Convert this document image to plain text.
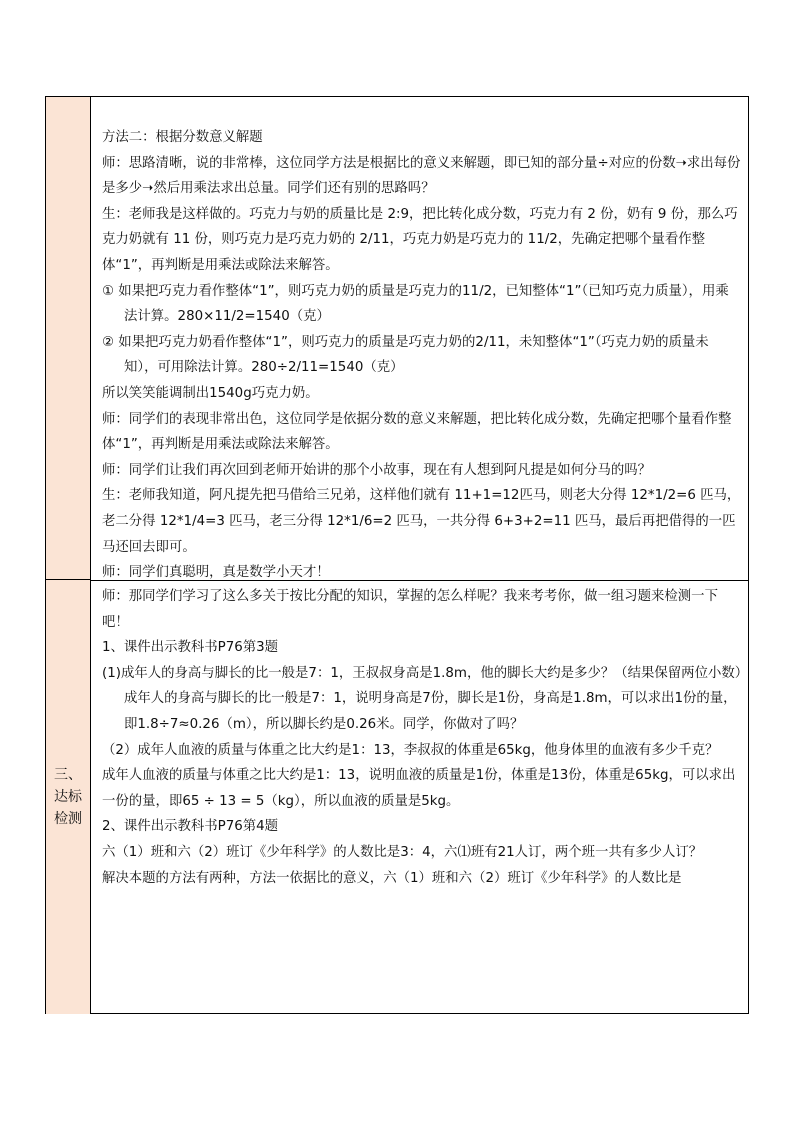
三、达标检测

方法二：根据分数意义解题

师：思路清晰，说的非常棒，这位同学方法是根据比的意义来解题，即已知的部分量÷对应的份数➝求出每份是多少➝然后用乘法求出总量。同学们还有别的思路吗？

生：老师我是这样做的。巧克力与奶的质量比是 2:9，把比转化成分数，巧克力有 2 份，奶有 9 份，那么巧克力奶就有 11 份，则巧克力是巧克力奶的 2/11，巧克力奶是巧克力的 11/2，先确定把哪个量看作整体“1”，再判断是用乘法或除法来解答。

① 如果把巧克力看作整体“1”，则巧克力奶的质量是巧克力的11/2，已知整体“1”（已知巧克力质量），用乘法计算。280×11/2=1540（克）

② 如果把巧克力奶看作整体“1”，则巧克力的质量是巧克力奶的2/11，未知整体“1”（巧克力奶的质量未知），可用除法计算。280÷2/11=1540（克）

所以笑笑能调制出1540g巧克力奶。

师：同学们的表现非常出色，这位同学是依据分数的意义来解题，把比转化成分数，先确定把哪个量看作整体“1”，再判断是用乘法或除法来解答。

师：同学们让我们再次回到老师开始讲的那个小故事，现在有人想到阿凡提是如何分马的吗？

生：老师我知道，阿凡提先把马借给三兄弟，这样他们就有 11+1=12匹马，则老大分得 12*1/2=6 匹马，老二分得 12*1/4=3 匹马，老三分得 12*1/6=2 匹马，一共分得 6+3+2=11 匹马，最后再把借得的一匹马还回去即可。

师：同学们真聪明，真是数学小天才！

师：那同学们学习了这么多关于按比分配的知识，掌握的怎么样呢？我来考考你，做一组习题来检测一下吧！

1、课件出示教科书P76第3题

(1)成年人的身高与脚长的比一般是7：1，王叔叔身高是1.8m，他的脚长大约是多少？（结果保留两位小数）

成年人的身高与脚长的比一般是7：1，说明身高是7份，脚长是1份，身高是1.8m，可以求出1份的量，即1.8÷7≈0.26（m），所以脚长约是0.26米。同学，你做对了吗？

（2）成年人血液的质量与体重之比大约是1：13，李叔叔的体重是65kg，他身体里的血液有多少千克？

成年人血液的质量与体重之比大约是1：13，说明血液的质量是1份，体重是13份，体重是65kg，可以求出一份的量，即65 ÷ 13 = 5（kg），所以血液的质量是5kg。

2、课件出示教科书P76第4题

六（1）班和六（2）班订《少年科学》的人数比是3：4，六⑴班有21人订，两个班一共有多少人订？

解决本题的方法有两种，方法一依据比的意义，六（1）班和六（2）班订《少年科学》的人数比是
